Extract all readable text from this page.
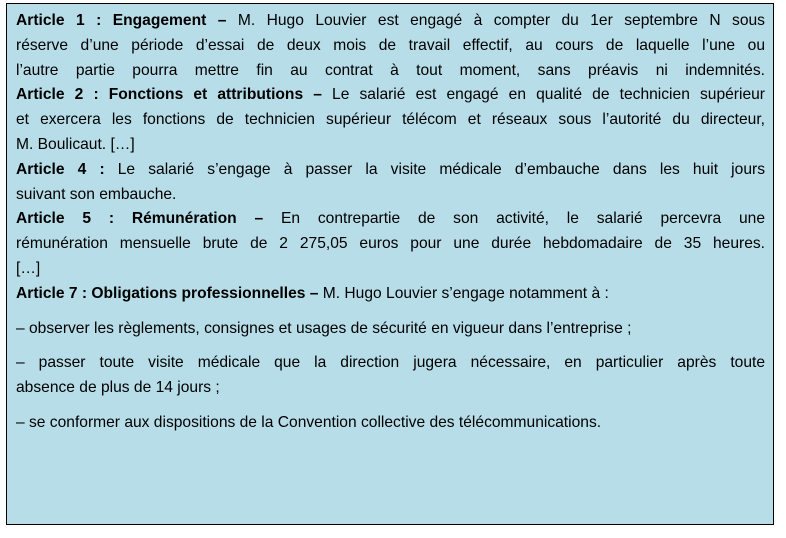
Article 1 : Engagement – M. Hugo Louvier est engagé à compter du 1er septembre N sous

réserve d’une période d’essai de deux mois de travail effectif, au cours de laquelle l’une ou

l’autre partie pourra mettre fin au contrat à tout moment, sans préavis ni indemnités.

Article 2 : Fonctions et attributions – Le salarié est engagé en qualité de technicien supérieur

et exercera les fonctions de technicien supérieur télécom et réseaux sous l’autorité du directeur,

M. Boulicaut. […]

Article 4 : Le salarié s’engage à passer la visite médicale d’embauche dans les huit jours

suivant son embauche.

Article 5 : Rémunération – En contrepartie de son activité, le salarié percevra une

rémunération mensuelle brute de 2 275,05 euros pour une durée hebdomadaire de 35 heures.

[…]

Article 7 : Obligations professionnelles – M. Hugo Louvier s’engage notamment à :

– observer les règlements, consignes et usages de sécurité en vigueur dans l’entreprise ;

– passer toute visite médicale que la direction jugera nécessaire, en particulier après toute

absence de plus de 14 jours ;

– se conformer aux dispositions de la Convention collective des télécommunications.
